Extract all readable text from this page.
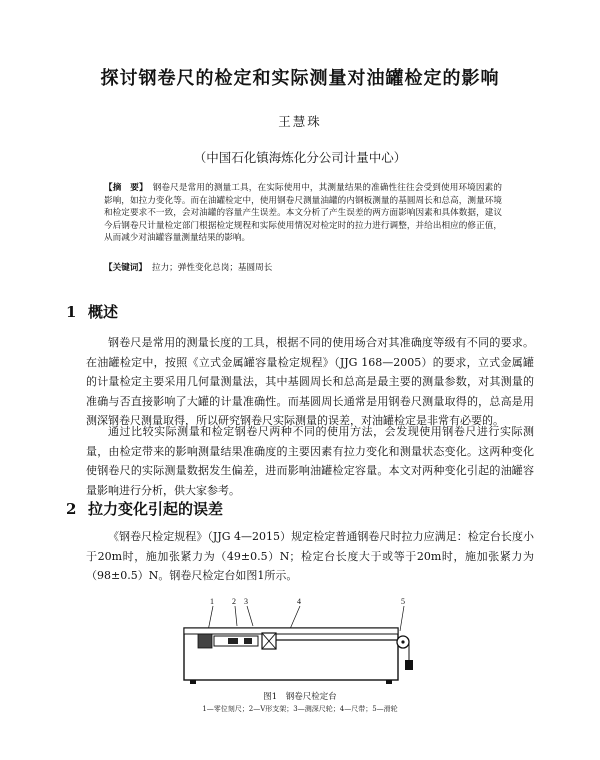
探讨钢卷尺的检定和实际测量对油罐检定的影响
王慧珠
（中国石化镇海炼化分公司计量中心）
【摘　要】 钢卷尺是常用的测量工具，在实际使用中，其测量结果的准确性往往会受到使用环境因素的影响，如拉力变化等。而在油罐检定中，使用钢卷尺测量油罐的内钢板测量的基圆周长和总高，测量环境和检定要求不一致，会对油罐的容量产生误差。本文分析了产生误差的两方面影响因素和具体数据，建议今后钢卷尺计量检定部门根据检定规程和实际使用情况对检定时的拉力进行调整，并给出相应的修正值，从而减少对油罐容量测量结果的影响。
【关键词】 拉力；弹性变化总岗；基圆周长
1 概述
钢卷尺是常用的测量长度的工具，根据不同的使用场合对其准确度等级有不同的要求。在油罐检定中，按照《立式金属罐容量检定规程》（JJG 168—2005）的要求，立式金属罐的计量检定主要采用几何量测量法，其中基圆周长和总高是最主要的测量参数，对其测量的准确与否直接影响了大罐的计量准确性。而基圆周长通常是用钢卷尺测量取得的，总高是用测深钢卷尺测量取得，所以研究钢卷尺实际测量的误差，对油罐检定是非常有必要的。
通过比较实际测量和检定钢卷尺两种不同的使用方法，会发现使用钢卷尺进行实际测量，由检定带来的影响测量结果准确度的主要因素有拉力变化和测量状态变化。这两种变化使钢卷尺的实际测量数据发生偏差，进而影响油罐检定容量。本文对两种变化引起的油罐容量影响进行分析，供大家参考。
2 拉力变化引起的误差
《钢卷尺检定规程》（JJG 4—2015）规定检定普通钢卷尺时拉力应满足：检定台长度小于20m时，施加张紧力为（49±0.5）N；检定台长度大于或等于20m时，施加张紧力为（98±0.5）N。钢卷尺检定台如图1所示。
1 2 3	4	5
图1　钢卷尺检定台
1—零位刻尺；2—V形支架；3—测深尺轮；4—尺带；5—滑轮
